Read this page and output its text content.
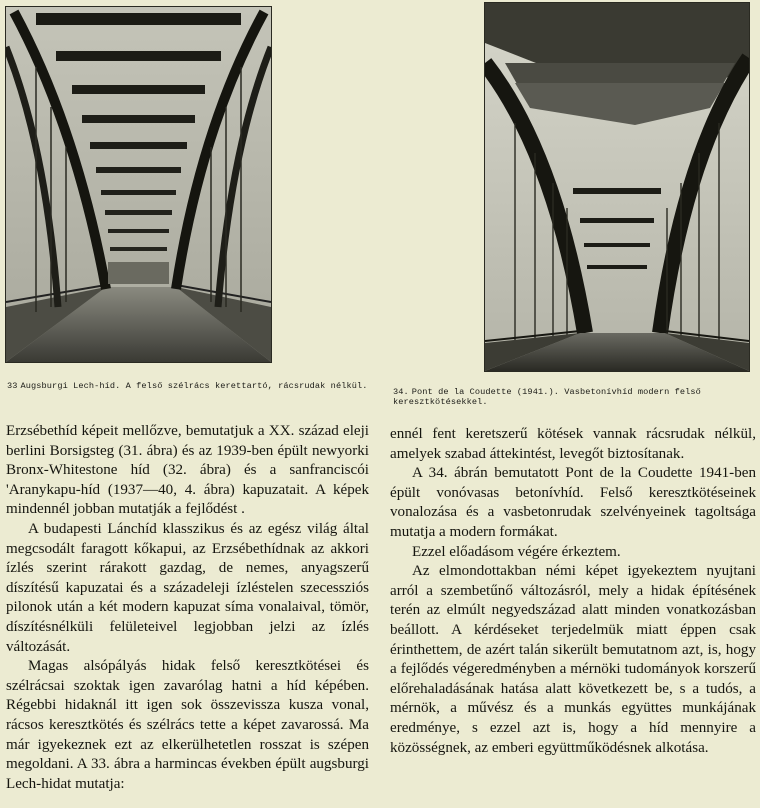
33 Augsburgi Lech-híd. A felső szélrács kerettartó, rácsrudak nélkül.
34. Pont de la Coudette (1941.). Vasbetonívhíd modern felső keresztkötésekkel.

Erzsébethíd képeit mellőzve, bemutatjuk a XX. század eleji berlini Borsigsteg (31. ábra) és az 1939-ben épült newyorki Bronx-Whitestone híd (32. ábra) és a sanfranciscói 'Aranykapu-híd (1937—40, 4. ábra) kapuzatait. A képek mindennél jobban mutatják a fejlődést .

A budapesti Lánchíd klasszikus és az egész világ által megcsodált faragott kőkapui, az Erzsébethídnak az akkori ízlés szerint rárakott gazdag, de nemes, anyagszerű díszítésű kapuzatai és a századeleji ízléstelen szecessziós pilonok után a két modern kapuzat síma vonalaival, tömör, díszítésnélküli felületeivel legjobban jelzi az ízlés változását.

Magas alsópályás hidak felső keresztkötései és szélrácsai szoktak igen zavarólag hatni a híd képében. Régebbi hidaknál itt igen sok összevissza kusza vonal, rácsos keresztkötés és szélrács tette a képet zavarossá. Ma már igyekeznek ezt az elkerülhetetlen rosszat is szépen megoldani. A 33. ábra a harmincas években épült augsburgi Lech-hidat mutatja:

ennél fent keretszerű kötések vannak rácsrudak nélkül, amelyek szabad áttekintést, levegőt biztosítanak.

A 34. ábrán bemutatott Pont de la Coudette 1941-ben épült vonóvasas betonívhíd. Felső keresztkötéseinek vonalozása és a vasbetonrudak szelvényeinek tagoltsága mutatja a modern formákat.

Ezzel előadásom végére érkeztem.

Az elmondottakban némi képet igyekeztem nyujtani arról a szembetűnő változásról, mely a hidak építésének terén az elmúlt negyedszázad alatt minden vonatkozásban beállott. A kérdéseket terjedelmük miatt éppen csak érinthettem, de azért talán sikerült bemutatnom azt, is, hogy a fejlődés végeredményben a mérnöki tudományok korszerű előrehaladásának hatása alatt következett be, s a tudós, a mérnök, a művész és a munkás együttes munkájának eredménye, s ezzel azt is, hogy a híd mennyire a közösségnek, az emberi együttműködésnek alkotása.
